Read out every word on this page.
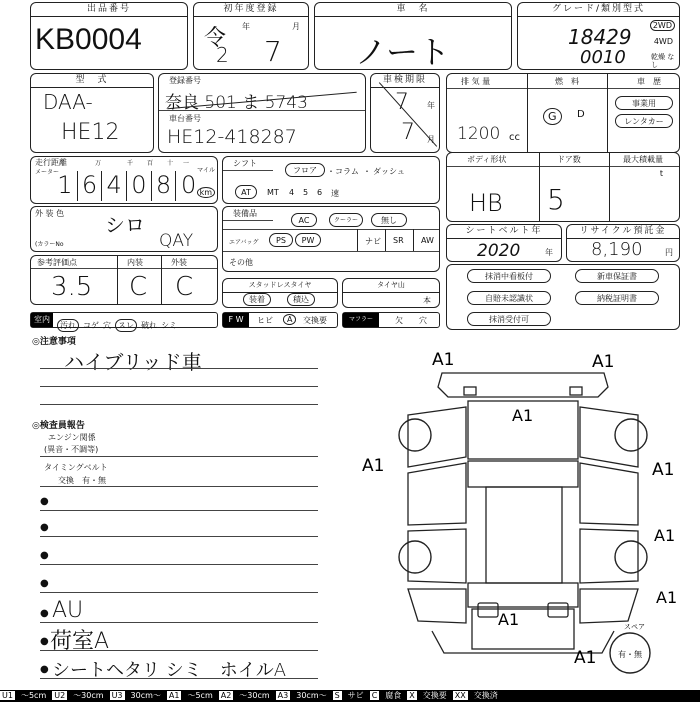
出品番号
KB0004
初年度登録
令
2 7
年	月
車　名
ノート
グレード/類別型式
18429
0010
2WD
4WD
乾燥 なし
型　式
DAA-
HE12
登録番号
奈良 501 ま 5743
車台番号
HE12-418287
車検期限
7 年
7 月
排 気 量	燃　料	車　歴
1200 cc
G	D
事業用
レンタカー
走行距離
メーター
万	千 百 十 一
マイル
km
1 6 4 0 8 0
シフト
フロア	・ コラム ・ ダッシュ
AT	MT 4 5 6 速
ボディ形状	ドア数	最大積載量
HB 5
t
外 装 色 シロ
(カラーNo	QAY
装備品
AC	クーラー	無し
エアバッグ	PS	PW	ナビ SR AW
その他
シートベルト年
2020	年
リサイクル預託金
8,190	円
参考評価点	内装	外装
3.5 C C	スタッドレスタイヤ
装着	積込
タイヤ山
本
抹消中看板付	新車保証書
自賠未認識状	納税証明書
抹消受付可
室内
汚れ コゲ 穴 スレ 破れ シミ
F W	ヒビ	A	交換要	マフラー	欠 穴
◎注意事項
ハイブリッド車
◎検査員報告
エンジン関係
(異音・不調等)
タイミングベルト
交換　有・無
●
●
●
●
● AU
● 荷室A
● シートヘタリ シミ　ホイルA
A1	A1
A1
A1	A1
A1
A1
A1
A1
スペア
有・無
U1 〜5cm U2 〜30cm U3 30cm〜 A1 〜5cm A2 〜30cm A3 30cm〜 S サビ C 腐食 X 交換要 XX 交換済
